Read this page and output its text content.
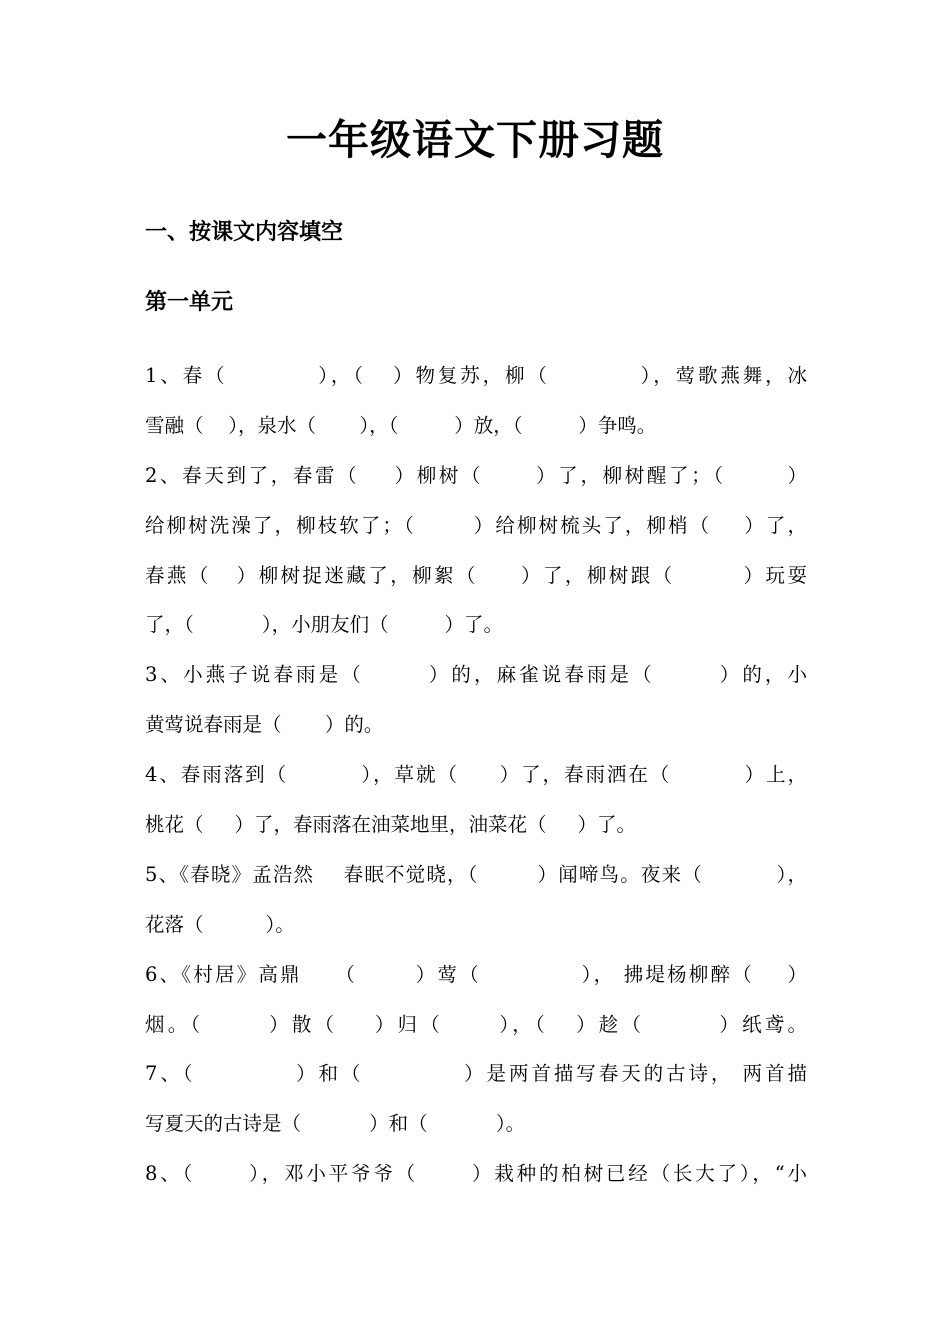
一年级语文下册习题
一、按课文内容填空
第一单元
1、春（          ），（   ）物复苏，柳（          ），莺歌燕舞，冰
雪融（    ），泉水（       ），（         ）放，（         ）争鸣。
2、春天到了，春雷（    ）柳树（      ）了，柳树醒了；（       ）
给柳树洗澡了，柳枝软了；（       ）给柳树梳头了，柳梢（    ）了，
春燕（   ）柳树捉迷藏了，柳絮（     ）了，柳树跟（        ）玩耍
了，（           ），小朋友们（         ）了。
3、小燕子说春雨是（       ）的，麻雀说春雨是（       ）的，小
黄莺说春雨是（       ）的。
4、春雨落到（         ），草就（     ）了，春雨洒在（         ）上，
桃花（     ）了，春雨落在油菜地里，油菜花（     ）了。
5、《春晓》孟浩然    春眠不觉晓，（        ）闻啼鸟。夜来（          ），
花落（          ）。
6、《村居》高鼎    （       ）莺（            ）， 拂堤杨柳醉（    ）
烟。（       ）散（    ）归（      ），（   ）趁（        ）纸鸢。
7、（           ）和（           ）是两首描写春天的古诗， 两首描
写夏天的古诗是（           ）和（           ）。
8、（      ），邓小平爷爷（      ）栽种的柏树已经（长大了），“小
